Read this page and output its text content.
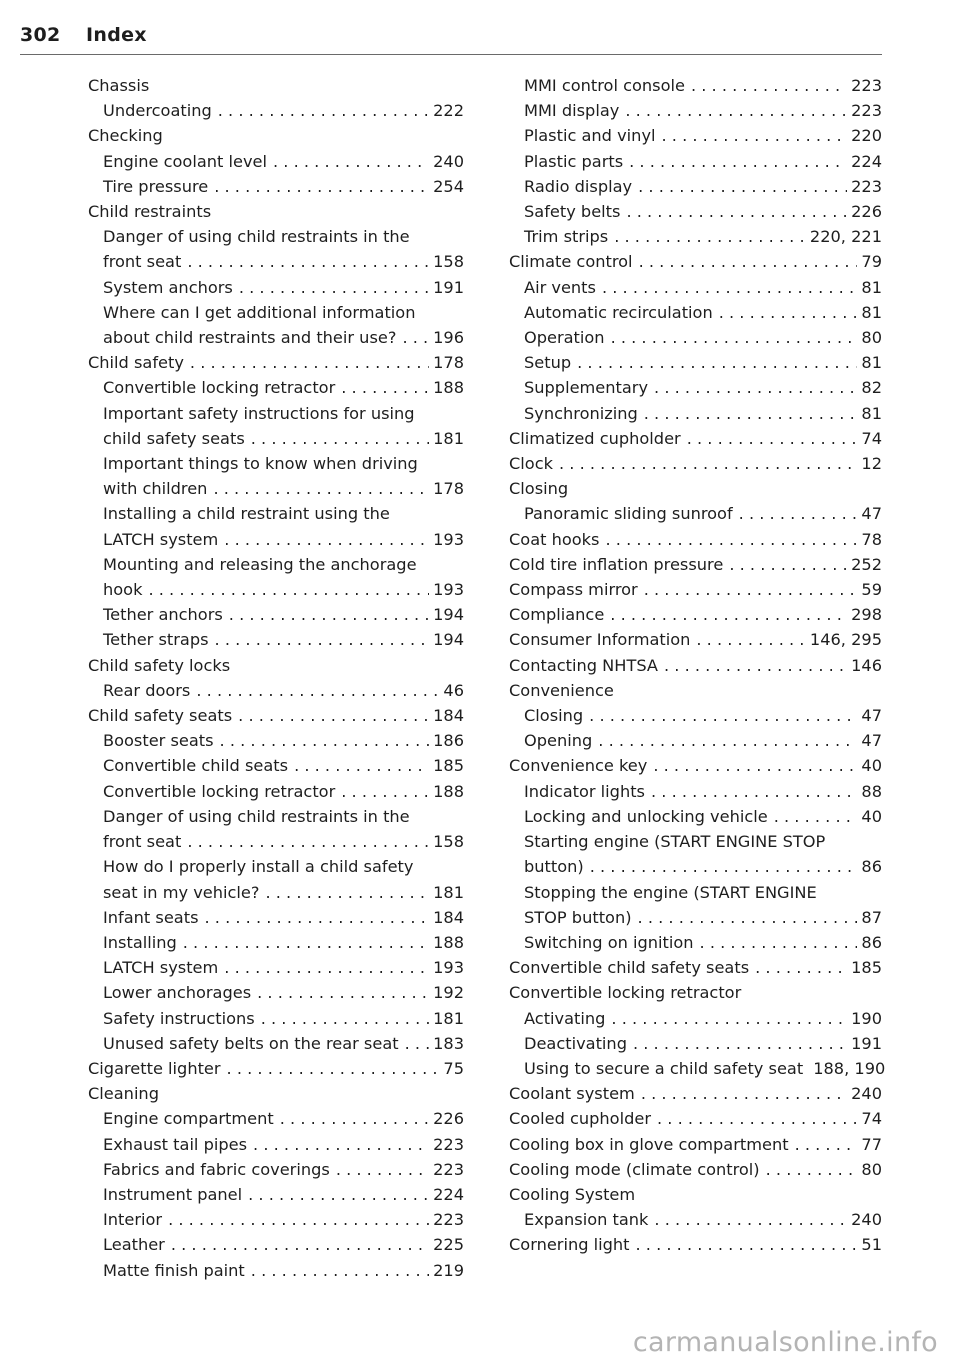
302 Index
Chassis
Undercoating . . .	222
Checking
Engine coolant level . . .	240
Tire pressure . . .	254
Child restraints
Danger of using child restraints in the
front seat . . .	158
System anchors . . .	191
Where can I get additional information
about child restraints and their use? . . . 196
Child safety . . .	178
Convertible locking retractor . . .	188
Important safety instructions for using
child safety seats . . .	181
Important things to know when driving
with children . . .	178
Installing a child restraint using the
LATCH system . . .	193
Mounting and releasing the anchorage
hook . . .	193
Tether anchors . . .	194
Tether straps . . .	194
Child safety locks
Rear doors . . .	46
Child safety seats . . .	184
Booster seats . . .	186
Convertible child seats . . .	185
Convertible locking retractor . . .	188
Danger of using child restraints in the
front seat . . .	158
How do I properly install a child safety
seat in my vehicle? . . .	181
Infant seats . . .	184
Installing . . .	188
LATCH system . . .	193
Lower anchorages . . .	192
Safety instructions . . .	181
Unused safety belts on the rear seat . . . 183
Cigarette lighter . . .	75
Cleaning
Engine compartment . . .	226
Exhaust tail pipes . . .	223
Fabrics and fabric coverings . . .	223
Instrument panel . . .	224
Interior . . .	223
Leather . . .	225
Matte finish paint . . .	219
MMI control console . . .	223
MMI display . . .	223
Plastic and vinyl . . .	220
Plastic parts . . .	224
Radio display . . .	223
Safety belts . . .	226
Trim strips . . .	220, 221
Climate control . . .	79
Air vents . . .	81
Automatic recirculation . . .	81
Operation . . .	80
Setup . . .	81
Supplementary . . .	82
Synchronizing . . .	81
Climatized cupholder . . .	74
Clock . . .	12
Closing
Panoramic sliding sunroof . . .	47
Coat hooks . . .	78
Cold tire inflation pressure . . .	252
Compass mirror . . .	59
Compliance . . .	298
Consumer Information . . .	146, 295
Contacting NHTSA . . .	146
Convenience
Closing . . .	47
Opening . . .	47
Convenience key . . .	40
Indicator lights . . .	88
Locking and unlocking vehicle . . .	40
Starting engine (START ENGINE STOP
button) . . .	86
Stopping the engine (START ENGINE
STOP button) . . .	87
Switching on ignition . . .	86
Convertible child safety seats . . .	185
Convertible locking retractor
Activating . . .	190
Deactivating . . .	191
Using to secure a child safety seat . . . 188, 190
Coolant system . . .	240
Cooled cupholder . . .	74
Cooling box in glove compartment . . .	77
Cooling mode (climate control) . . .	80
Cooling System
Expansion tank . . .	240
Cornering light . . .	51
carmanualsonline.info
